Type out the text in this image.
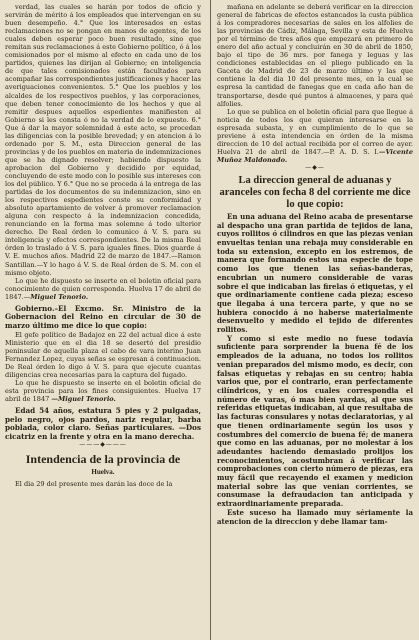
verdad, las cuales se harán por todos de oficio y servirán de mérito á los empleados que intervengan en su buen desempeño. 4.° Que los interesados en estas reclamaciones no se pongan en manos de agentes, de los cuales deben esperar poco buen resultado, sino que remitan sus reclamaciones á este Gobierno político, ó á los comisionados por el mismo al efecto en cada uno de los partidos, quienes las dirijan al Gobierno; en inteligencia de que tales comisionados están facultados para acompañar las correspondientes justificaciones y hacer las averiguaciones convenientes. 5.° Que los pueblos y los alcaldes de los respectivos pueblos, y las corporaciones, que deben tener conocimiento de los hechos y que al remitir despues aquellos espedientes manifiesten al Gobierno si les consta ó no la verdad de lo expuesto. 6.° Que á dar la mayor solemnidad á este acto, se procedan las diligencias con la posible brevedad; y en atencion á lo ordenado por S. M., esta Direccion general de las provincias y de los pueblos en materia de indemnizaciones que se ha dignado resolver; habiendo dispuesto la aprobacion del Gobierno y decidido por equidad, concluyendo de este modo con lo posible sus intereses con los del público. Y 6.° Que no se proceda á la entrega de las partidas de los documentos de su indemnizacion, sino en los respectivos espedientes conste su conformidad y absoluto apartamiento de volver á promover reclamacion alguna con respecto á la indemnizacion concedida, renunciando en la forma mas solemne á todo ulterior derecho. De Real órden lo comunico á V. S. para su inteligencia y efectos correspondientes. De la misma Real órden lo traslado á V. S. para iguales fines. Dios guarde á V. E. muchos años. Madrid 22 de marzo de 1847.—Ramon Santillan.—Y lo hago á V. S. de Real órden de S. M. con el mismo objeto.

Lo que he dispuesto se inserte en el boletin oficial para conocimiento de quien corresponda. Huelva 17 de abril de 1847.—Miguel Tenorio.

Gobierno.–El Excmo. Sr. Ministro de la Gobernacion del Reino en circular de 30 de marzo último me dice lo que copio:

El gefe político de Badajoz en 22 del actual dice á este Ministerio que en el dia 18 se desertó del presidio peninsular de aquella plaza el cabo de vara interino Juan Fernandez Lopez, cuyas señas se espresan á continuacion. De Real órden lo digo á V. S. para que ejecute cuantas diligencias crea necesarias para la captura del fugado.

Lo que he dispuesto se inserte en el boletin oficial de esta provincia para los fines consiguientes. Huelva 17 abril de 1847 —Miguel Tenorio.

Edad 54 años, estatura 5 pies y 2 pulgadas, pelo negro, ojos pardos, nariz regular, barba poblada, color claro. Señas particulares. —Dos cicatriz en la frente y otra en la mano derecha.

———◆———
Intendencia de la provincia de
Huelva.

El dia 29 del presente mes darán las doce de la

mañana en adelante se deberá verificar en la direccion general de fabricas de efectos estancados la custa pública á los compradores necesarias de sales en los alfolies de las provincias de Cádiz, Málaga, Sevilla y esta de Huelva por el término de tres años que empezará en primero de enero del año actual y concluirán en 30 de abril de 1850, bajo el tipo de 36 mrs. por fanega y leguas y las condiciones establecidas en el pliego publicado en la Gaceta de Madrid de 23 de marzo último y las que contiene la del dia 10 del presente mes, en la cual se espresa la cantidad de fanegas que en cada año han de transportarse, desde qué puntos á almacenes, y para qué alfolies.

Lo que se publica en el boletin oficial para que llegue á noticia de todos los que quieran interesarse en la espresada subasta, y en cumplimiento de lo que se previene á esta intendencia en órden de la misma direccion de 10 del actual recibida por el correo de ayer. Huelva 21 de abril de 1847.—P. A. D. S. I.—Vicente Muñoz Maldonado.

—◆—
La direccion general de aduanas y aranceles con fecha 8 del corriente me dice lo que copio:

En una aduana del Reino acaba de presentarse al despacho una gran partida de tejidos de lana, cuyos rollitos ó cilindros en que las piezas venian envueltas tenian una rebaja muy considerable en toda su extension, excepto en los estremos, de manera que formando estos una especie de tope como los que tienen las señas-banderas, encubrian un numero considerable de varas sobre el que indicaban las firelas ó etiquetas, y el que ordinariamente contiene cada pieza; esceso que llegaba á una tercera parte, y que no se hubiera conocido á no haberse materialmente desenvuelto y medido el tejido de diferentes rollitos.

Y como si este medio no fuese todavía suficiente para sorprender la buena fé de los empleados de la aduana, no todos los rollitos venian preparados del mismo modo, es decir, con falsas etiquetas y rebajas en su centro; habia varios que, por el contrario, eran perfectamente cilíndricos, y en los cuales correspondia el número de varas, ó mas bien yardas, al que sus referidas etiquetas indicaban, al que resultaba de las facturas consulares y notas declaratorias, y al que tienen ordinariamente según los usos y costumbres del comercio de buena fé; de manera que como en las aduanas, por no molestar á los adeudantes haciendo demasiado prolijos los reconocimientos, acostumbran á verificar las comprobaciones con cierto número de piezas, era muy fácil que recayendo el examen y medicion material sobre las que venian corrientes, se consumase la defraudacion tan anticipada y extraordinariamente preparada.

Este suceso ha llamado muy sériamente la atencion de la direccion y debe llamar tam-
